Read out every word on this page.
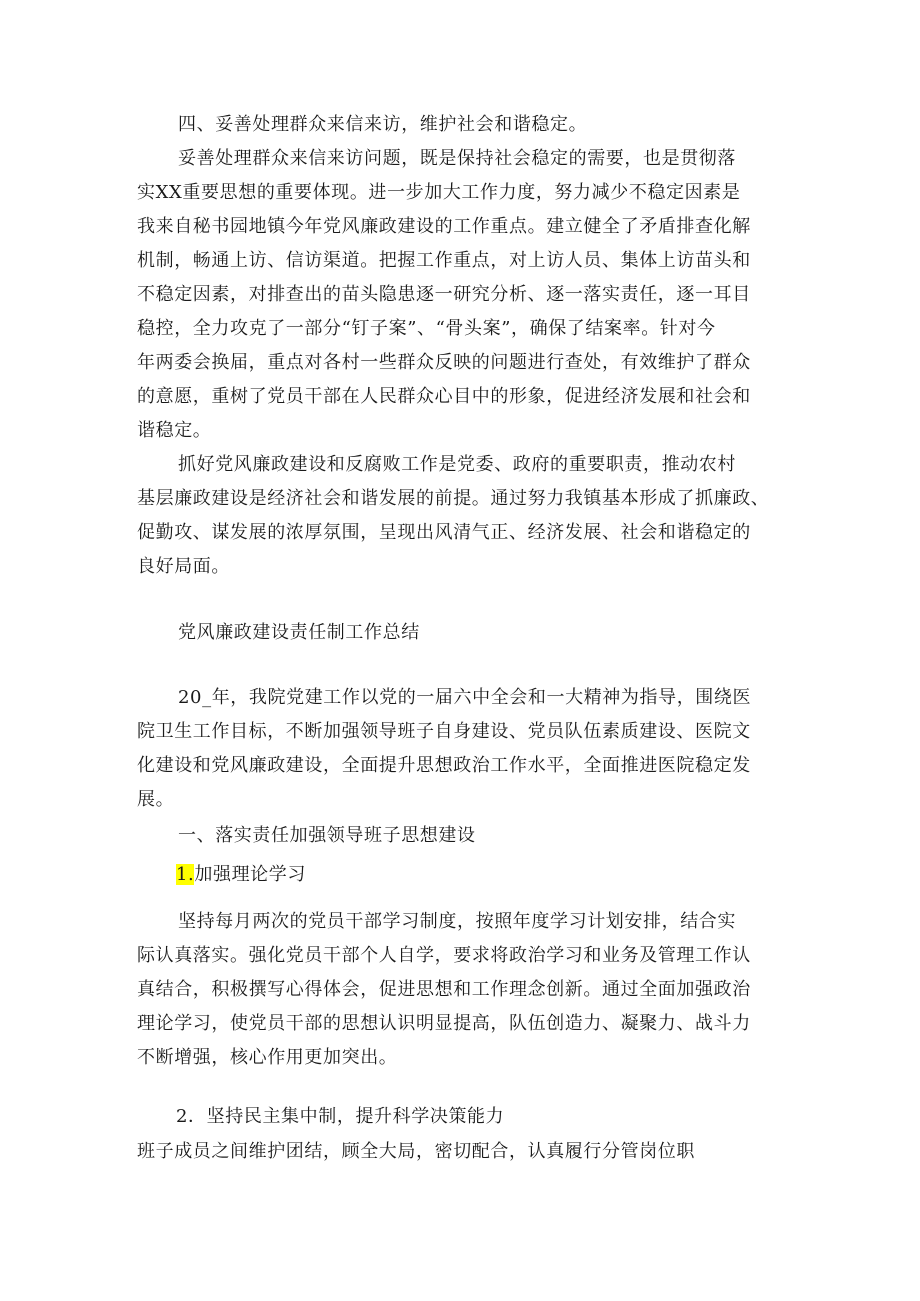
四、妥善处理群众来信来访，维护社会和谐稳定。
妥善处理群众来信来访问题，既是保持社会稳定的需要，也是贯彻落
实XX重要思想的重要体现。进一步加大工作力度，努力减少不稳定因素是
我来自秘书园地镇今年党风廉政建设的工作重点。建立健全了矛盾排查化解
机制，畅通上访、信访渠道。把握工作重点，对上访人员、集体上访苗头和
不稳定因素，对排查出的苗头隐患逐一研究分析、逐一落实责任，逐一耳目
稳控，全力攻克了一部分“钉子案”、“骨头案”，确保了结案率。针对今
年两委会换届，重点对各村一些群众反映的问题进行查处，有效维护了群众
的意愿，重树了党员干部在人民群众心目中的形象，促进经济发展和社会和
谐稳定。
抓好党风廉政建设和反腐败工作是党委、政府的重要职责，推动农村
基层廉政建设是经济社会和谐发展的前提。通过努力我镇基本形成了抓廉政、
促勤攻、谋发展的浓厚氛围，呈现出风清气正、经济发展、社会和谐稳定的
良好局面。
党风廉政建设责任制工作总结
20_年，我院党建工作以党的一届六中全会和一大精神为指导，围绕医
院卫生工作目标，不断加强领导班子自身建设、党员队伍素质建设、医院文
化建设和党风廉政建设，全面提升思想政治工作水平，全面推进医院稳定发
展。
一、落实责任加强领导班子思想建设
1.加强理论学习
坚持每月两次的党员干部学习制度，按照年度学习计划安排，结合实
际认真落实。强化党员干部个人自学，要求将政治学习和业务及管理工作认
真结合，积极撰写心得体会，促进思想和工作理念创新。通过全面加强政治
理论学习，使党员干部的思想认识明显提高，队伍创造力、凝聚力、战斗力
不断增强，核心作用更加突出。
2．坚持民主集中制，提升科学决策能力
班子成员之间维护团结，顾全大局，密切配合，认真履行分管岗位职
